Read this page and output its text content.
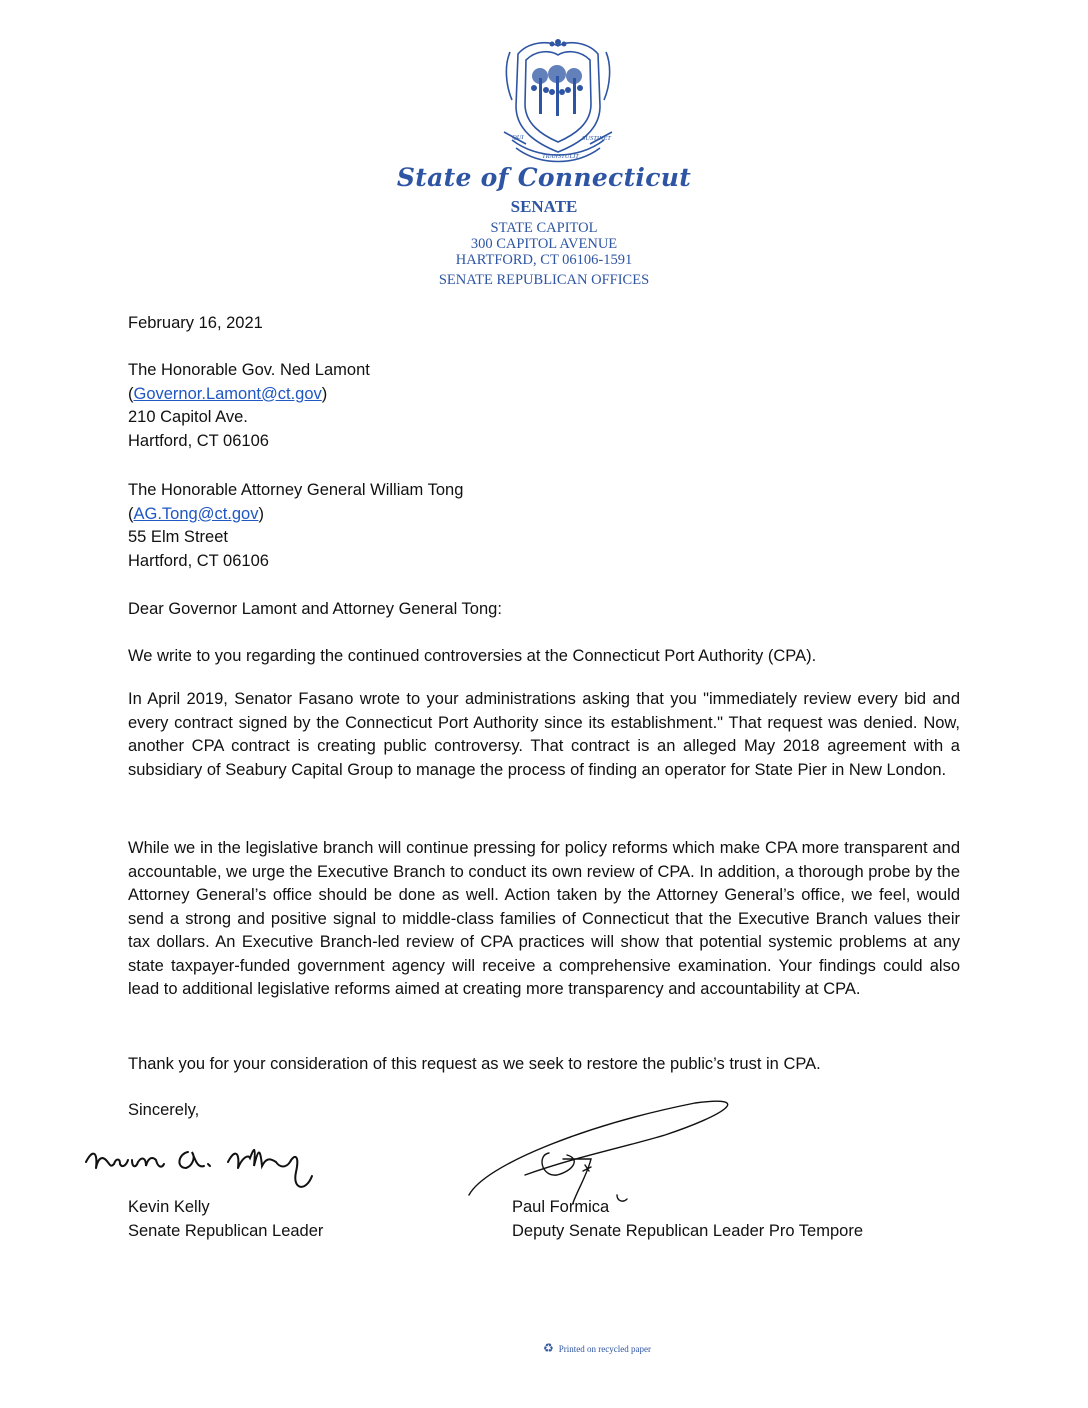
QUI
TRANSTULIT
SUSTINET
State of Connecticut
SENATE
STATE CAPITOL
300 CAPITOL AVENUE
HARTFORD, CT 06106-1591
SENATE REPUBLICAN OFFICES
February 16, 2021
The Honorable Gov. Ned Lamont
(Governor.Lamont@ct.gov)
210 Capitol Ave.
Hartford, CT 06106
The Honorable Attorney General William Tong
(AG.Tong@ct.gov)
55 Elm Street
Hartford, CT 06106
Dear Governor Lamont and Attorney General Tong:

We write to you regarding the continued controversies at the Connecticut Port Authority (CPA).

In April 2019, Senator Fasano wrote to your administrations asking that you "immediately review every bid and every contract signed by the Connecticut Port Authority since its establishment." That request was denied. Now, another CPA contract is creating public controversy. That contract is an alleged May 2018 agreement with a subsidiary of Seabury Capital Group to manage the process of finding an operator for State Pier in New London.

While we in the legislative branch will continue pressing for policy reforms which make CPA more transparent and accountable, we urge the Executive Branch to conduct its own review of CPA. In addition, a thorough probe by the Attorney General’s office should be done as well. Action taken by the Attorney General’s office, we feel, would send a strong and positive signal to middle-class families of Connecticut that the Executive Branch values their tax dollars. An Executive Branch-led review of CPA practices will show that potential systemic problems at any state taxpayer-funded government agency will receive a comprehensive examination. Your findings could also lead to additional legislative reforms aimed at creating more transparency and accountability at CPA.

Thank you for your consideration of this request as we seek to restore the public’s trust in CPA.

Sincerely,
Kevin Kelly
Senate Republican Leader
Paul Formica
Deputy Senate Republican Leader Pro Tempore
♻ Printed on recycled paper
